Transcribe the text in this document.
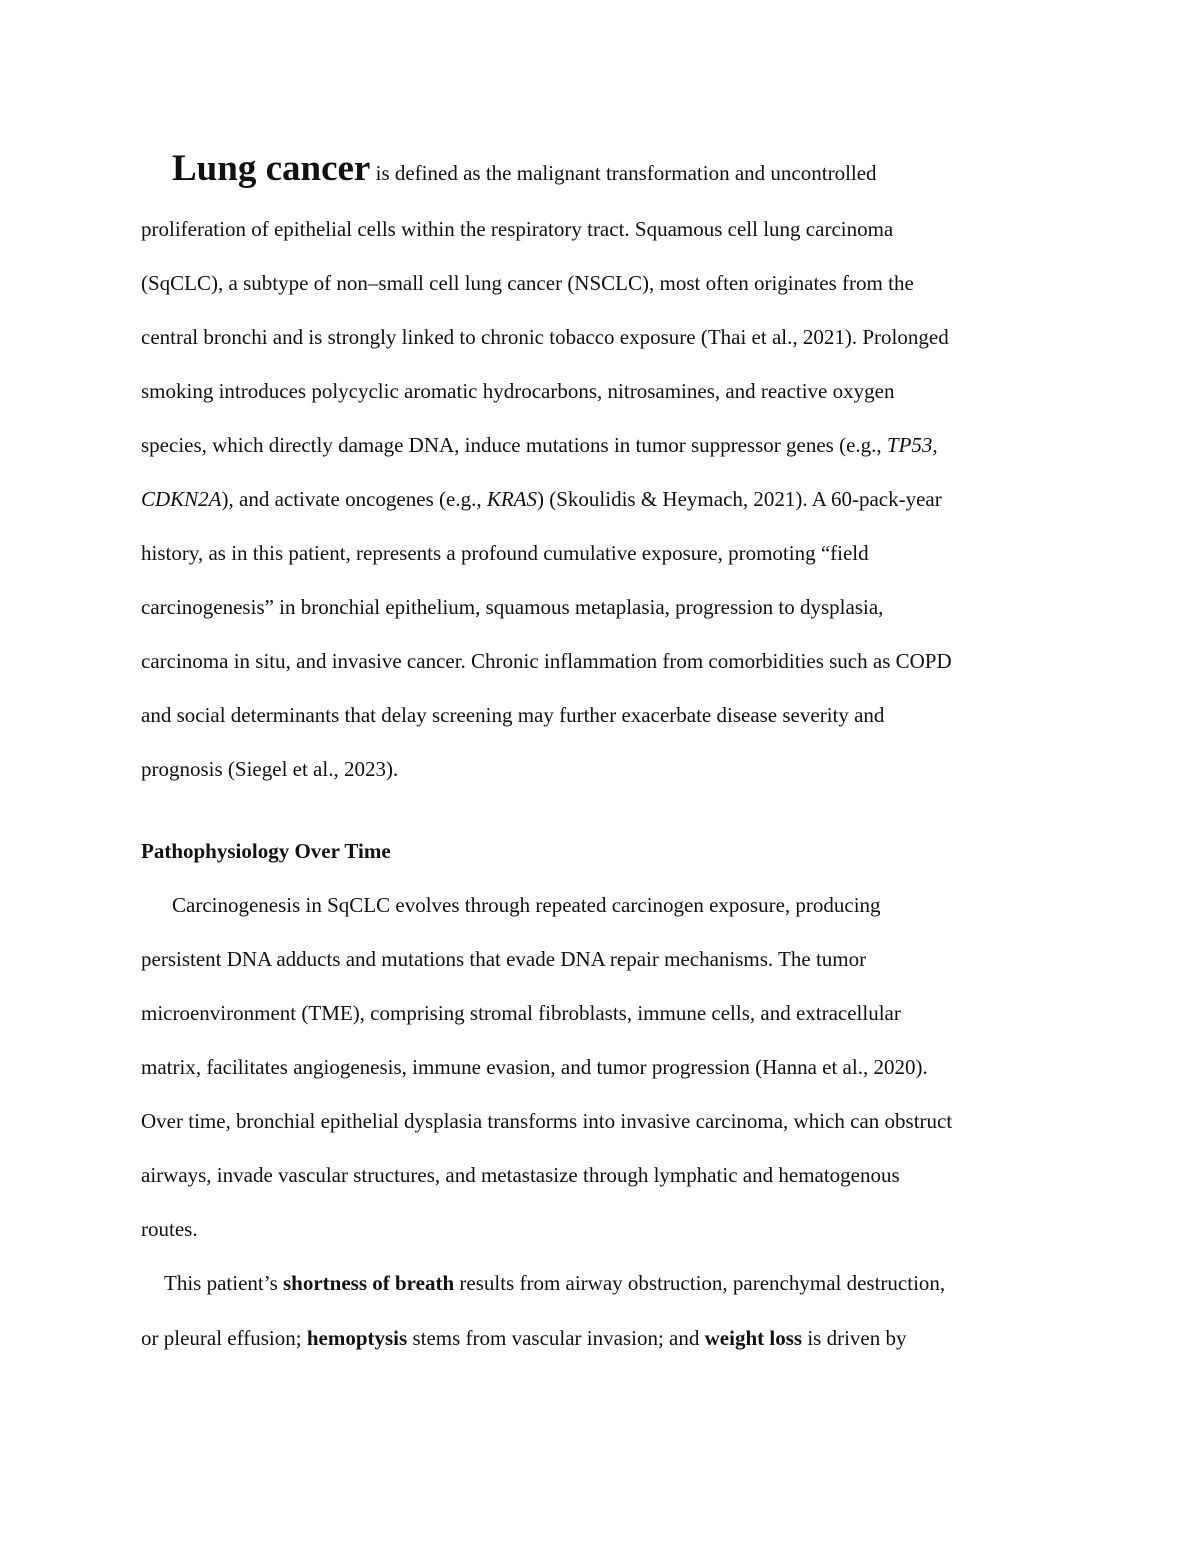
Lung cancer is defined as the malignant transformation and uncontrolled
proliferation of epithelial cells within the respiratory tract. Squamous cell lung carcinoma
(SqCLC), a subtype of non–small cell lung cancer (NSCLC), most often originates from the
central bronchi and is strongly linked to chronic tobacco exposure (Thai et al., 2021). Prolonged
smoking introduces polycyclic aromatic hydrocarbons, nitrosamines, and reactive oxygen
species, which directly damage DNA, induce mutations in tumor suppressor genes (e.g., TP53,
CDKN2A), and activate oncogenes (e.g., KRAS) (Skoulidis & Heymach, 2021). A 60-pack-year
history, as in this patient, represents a profound cumulative exposure, promoting “field
carcinogenesis” in bronchial epithelium, squamous metaplasia, progression to dysplasia,
carcinoma in situ, and invasive cancer. Chronic inflammation from comorbidities such as COPD
and social determinants that delay screening may further exacerbate disease severity and
prognosis (Siegel et al., 2023).
Pathophysiology Over Time
Carcinogenesis in SqCLC evolves through repeated carcinogen exposure, producing
persistent DNA adducts and mutations that evade DNA repair mechanisms. The tumor
microenvironment (TME), comprising stromal fibroblasts, immune cells, and extracellular
matrix, facilitates angiogenesis, immune evasion, and tumor progression (Hanna et al., 2020).
Over time, bronchial epithelial dysplasia transforms into invasive carcinoma, which can obstruct
airways, invade vascular structures, and metastasize through lymphatic and hematogenous
routes.
This patient’s shortness of breath results from airway obstruction, parenchymal destruction,
or pleural effusion; hemoptysis stems from vascular invasion; and weight loss is driven by
